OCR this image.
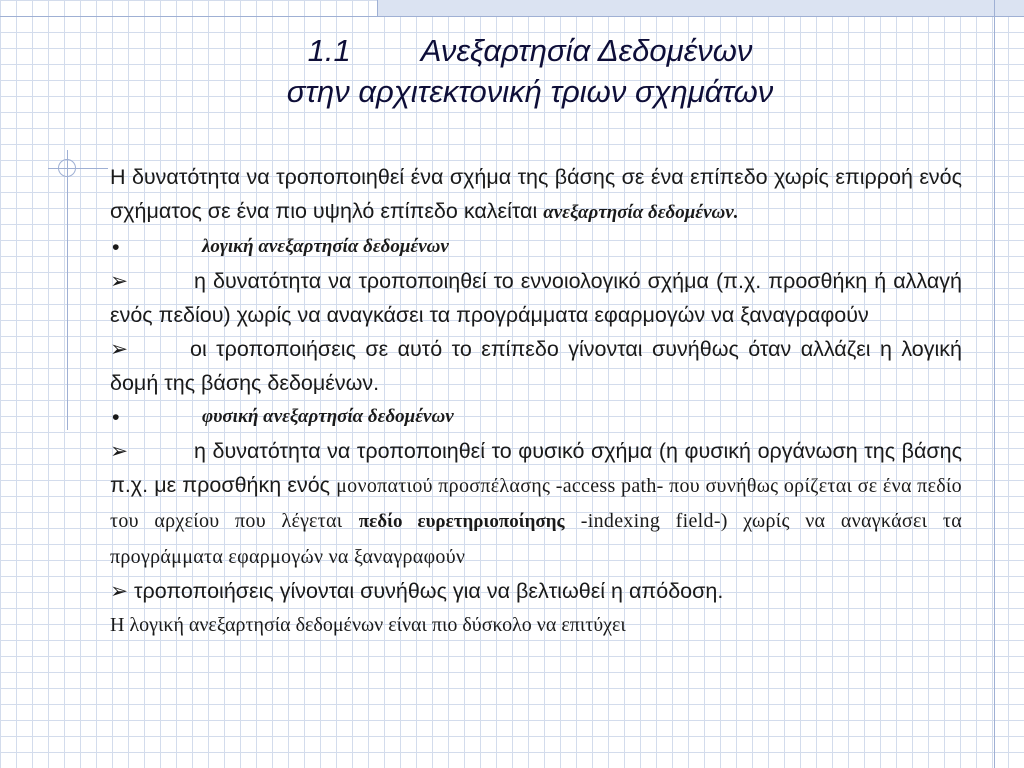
1.1 Ανεξαρτησία Δεδομένων
στην αρχιτεκτονική τριων σχημάτων

Η δυνατότητα να τροποποιηθεί ένα σχήμα της βάσης σε ένα επίπεδο χωρίς επιρροή ενός σχήματος σε ένα πιο υψηλό επίπεδο καλείται ανεξαρτησία δεδομένων.

•	λογική ανεξαρτησία δεδομένων

➢	η δυνατότητα να τροποποιηθεί το εννοιολογικό σχήμα (π.χ. προσθήκη ή αλλαγή ενός πεδίου) χωρίς να αναγκάσει τα προγράμματα εφαρμογών να ξαναγραφούν

➢	οι τροποποιήσεις σε αυτό το επίπεδο γίνονται συνήθως όταν αλλάζει η λογική δομή της βάσης δεδομένων.

•	φυσική ανεξαρτησία δεδομένων

➢	η δυνατότητα να τροποποιηθεί το φυσικό σχήμα (η φυσική οργάνωση της βάσης π.χ. με προσθήκη ενός μονοπατιού προσπέλασης -access path- που συνήθως ορίζεται σε ένα πεδίο του αρχείου που λέγεται πεδίο ευρετηριοποίησης -indexing field-) χωρίς να αναγκάσει τα προγράμματα εφαρμογών να ξαναγραφούν

➢ τροποποιήσεις γίνονται συνήθως για να βελτιωθεί η απόδοση.

Η λογική ανεξαρτησία δεδομένων είναι πιο δύσκολο να επιτύχει
